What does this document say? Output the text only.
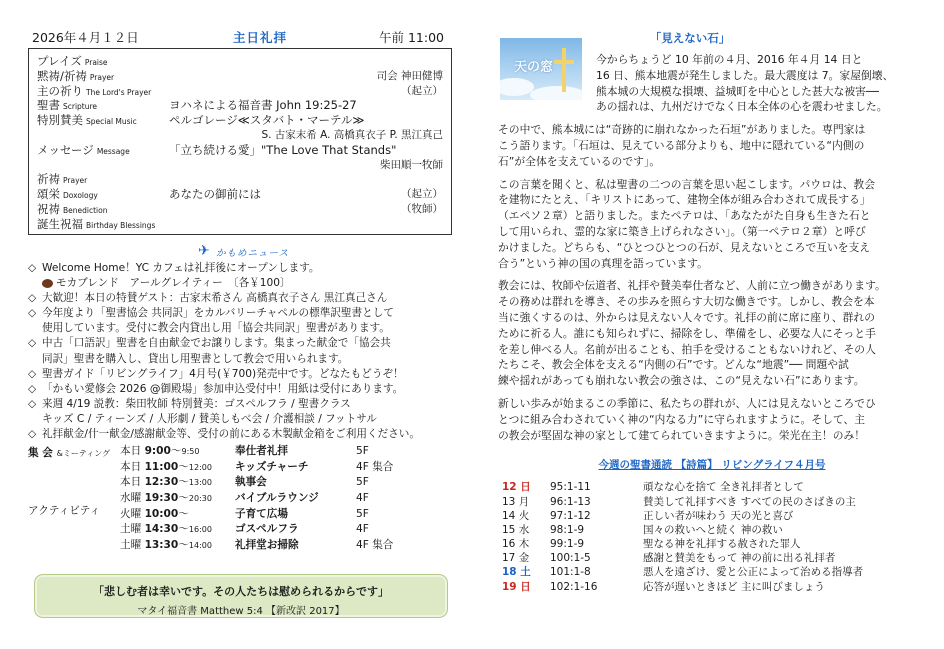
2026年４月１２日	主日礼拝	午前 11:00
プレイズ Praise
黙祷/祈祷 Prayer	司会 神田健博
主の祈り The Lord's Prayer	（起立）
聖書 Scripture	ヨハネによる福音書 John 19:25-27
特別賛美 Special Music	ペルゴレージ≪スタバト・マーテル≫
S. 古家末希 A. 高橋真衣子 P. 黒江真己
メッセージ Message	「立ち続ける愛」"The Love That Stands"
柴田順一牧師
祈祷 Prayer
頌栄 Doxology	あなたの御前には	（起立）
祝祷 Benediction	（牧師）
誕生祝福 Birthday Blessings
✈ かもめニュース
◇ Welcome Home！YC カフェは礼拝後にオープンします。
モカブレンド　アールグレイティー　〔各￥100〕
◇ 大歓迎！本日の特賛ゲスト：古家末希さん 高橋真衣子さん 黒江真己さん
◇ 今年度より「聖書協会 共同訳」をカルバリーチャペルの標準訳聖書として
使用しています。受付に教会内貸出し用「協会共同訳」聖書があります。
◇ 中古「口語訳」聖書を自由献金でお譲りします。集まった献金で「協会共
同訳」聖書を購入し、貸出し用聖書として教会で用いられます。
◇ 聖書ガイド「リビングライフ」4月号(￥700)発売中です。どなたもどうぞ！
◇ 「かもい愛修会 2026 @御殿場」参加申込受付中！用紙は受付にあります。
◇ 来週 4/19 説教：柴田牧師 特別賛美：ゴスペルフラ / 聖書クラス
キッズ C / ティーンズ / 人形劇 / 賛美しもべ会 / 介護相談 / フットサル
◇ 礼拝献金/什一献金/感謝献金等、受付の前にある木製献金箱をご利用ください。
集 会 &ミーティング
アクティビティ
本日 9:00～9:50	奉仕者礼拝	5F
本日 11:00～12:00 キッズチャーチ	4F 集合
本日 12:30～13:00 執事会	5F
水曜 19:30～20:30 バイブルラウンジ	4F
火曜 10:00～	子育て広場	5F
土曜 14:30～16:00 ゴスペルフラ	4F
土曜 13:30～14:00 礼拝堂お掃除	4F 集合
「悲しむ者は幸いです。その人たちは慰められるからです」
マタイ福音書 Matthew 5:4 【新改訳 2017】
「見えない石」
天の窓

今からちょうど 10 年前の４月、2016 年４月 14 日と

16 日、熊本地震が発生しました。最大震度は 7。家屋倒壊、

熊本城の大規模な損壊、益城町を中心とした甚大な被害──

あの揺れは、九州だけでなく日本全体の心を震わせました。

その中で、熊本城には“奇跡的に崩れなかった石垣”がありました。専門家は

こう語ります。「石垣は、見えている部分よりも、地中に隠れている“内側の

石”が全体を支えているのです」。

この言葉を聞くと、私は聖書の二つの言葉を思い起こします。パウロは、教会

を建物にたとえ、「キリストにあって、建物全体が組み合わされて成長する」

（エペソ２章）と語りました。またペテロは、「あなたがた自身も生きた石と

して用いられ、霊的な家に築き上げられなさい」。（第一ペテロ２章）と呼び

かけました。どちらも、“ひとつひとつの石が、見えないところで互いを支え

合う”という神の国の真理を語っています。

教会には、牧師や伝道者、礼拝や賛美奉仕者など、人前に立つ働きがあります。

その務めは群れを導き、その歩みを照らす大切な働きです。しかし、教会を本

当に強くするのは、外からは見えない人々です。礼拝の前に席に座り、群れの

ために祈る人。誰にも知られずに、掃除をし、準備をし、必要な人にそっと手

を差し伸べる人。名前が出ることも、拍手を受けることもないけれど、その人

たちこそ、教会全体を支える“内側の石”です。どんな“地震”── 問題や試

練や揺れがあっても崩れない教会の強さは、この“見えない石”にあります。

新しい歩みが始まるこの季節に、私たちの群れが、人には見えないところでひ

とつに組み合わされていく神の“内なる力”に守られますように。そして、主

の教会が堅固な神の家として建てられていきますように。栄光在主！のみ！

今週の聖書通読 【詩篇】 リビングライフ４月号
12 日 95:1-11	頑なな心を捨て 全き礼拝者として
13 月 96:1-13	賛美して礼拝すべき すべての民のさばきの主
14 火 97:1-12	正しい者が味わう 天の光と喜び
15 水 98:1-9	国々の救いへと続く 神の救い
16 木 99:1-9	聖なる神を礼拝する赦された罪人
17 金 100:1-5	感謝と賛美をもって 神の前に出る礼拝者
18 土 101:1-8	悪人を遠ざけ、愛と公正によって治める指導者
19 日 102:1-16	応答が遅いときほど 主に叫びましょう
